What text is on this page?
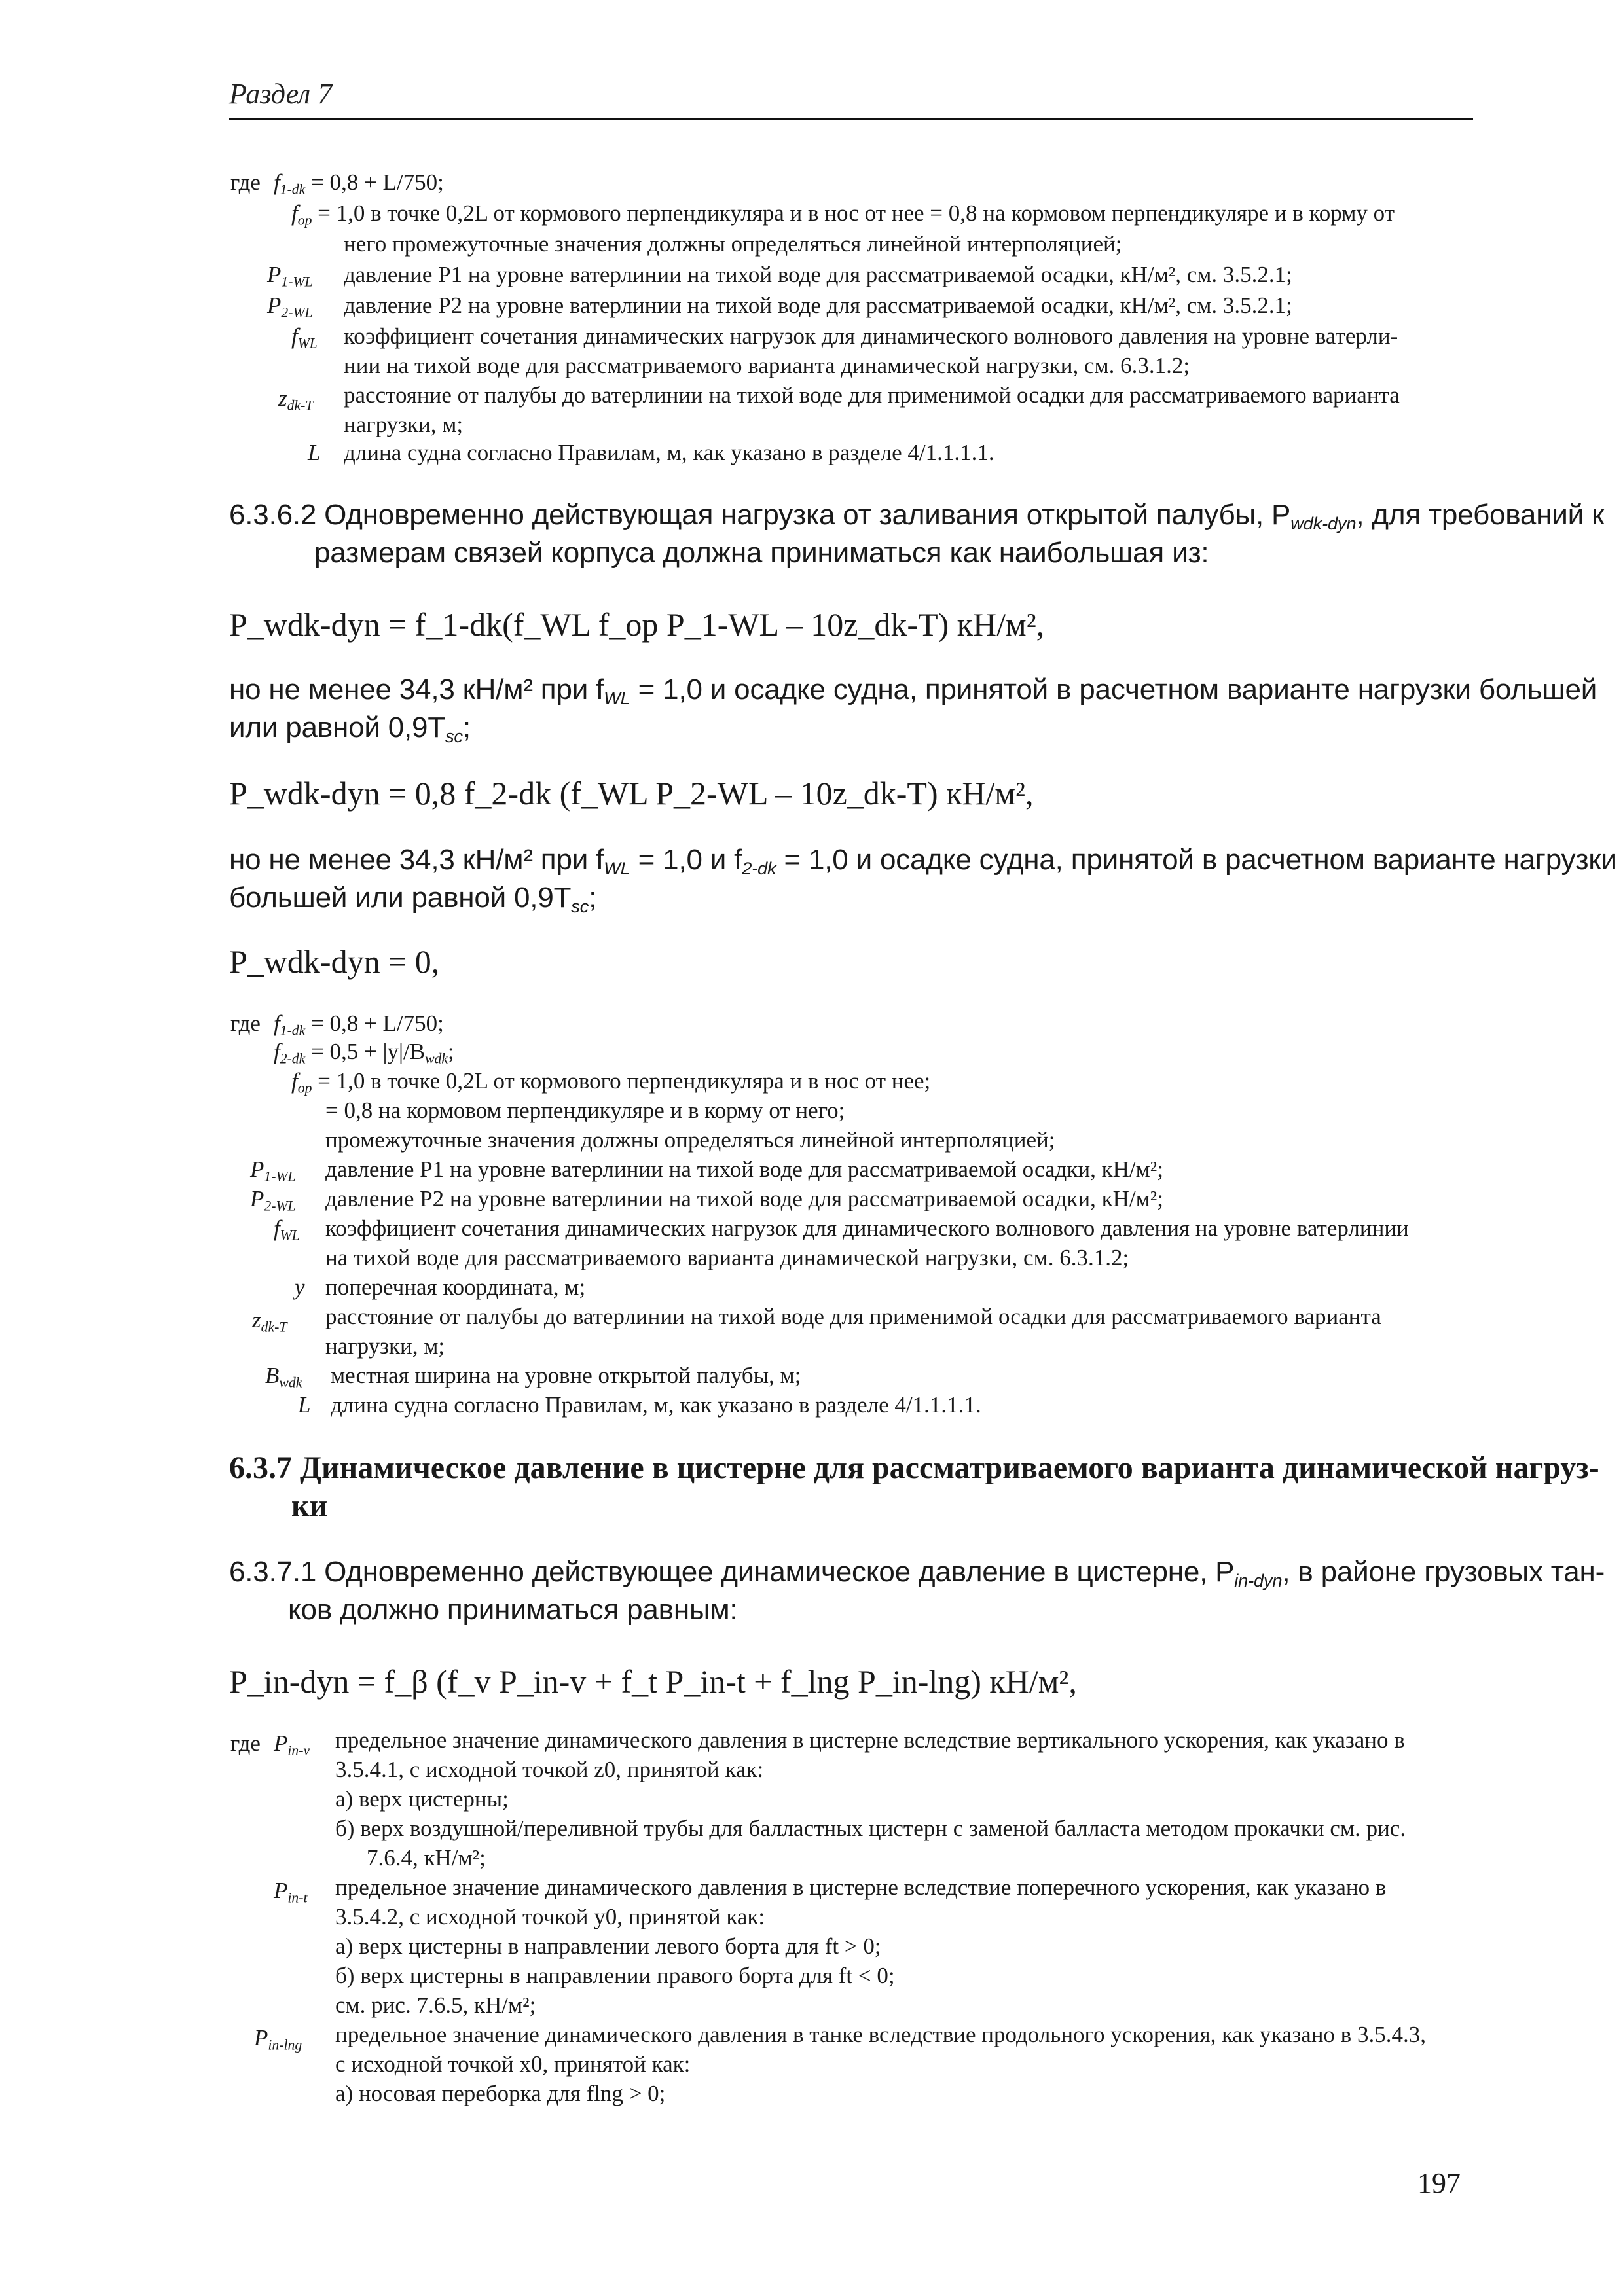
Раздел 7
где $f_{1-dk} = 0,8 + L/750$;
$f_{op} = 1,0$ в точке 0,2L от кормового перпендикуляра и в нос от нее = 0,8 на кормовом перпендикуляре и в корму от
него промежуточные значения должны определяться линейной интерполяцией;
$P_{1-WL}$ давление P1 на уровне ватерлинии на тихой воде для рассматриваемой осадки, кН/м², см. 3.5.2.1;
$P_{2-WL}$ давление P2 на уровне ватерлинии на тихой воде для рассматриваемой осадки, кН/м², см. 3.5.2.1;
$f_{WL}$ коэффициент сочетания динамических нагрузок для динамического волнового давления на уровне ватерли-
нии на тихой воде для рассматриваемого варианта динамической нагрузки, см. 6.3.1.2;
$z_{dk-T}$ расстояние от палубы до ватерлинии на тихой воде для применимой осадки для рассматриваемого варианта
нагрузки, м;
L длина судна согласно Правилам, м, как указано в разделе 4/1.1.1.1.
6.3.6.2 Одновременно действующая нагрузка от заливания открытой палубы, $P_{wdk-dyn}$, для требований к
размерам связей корпуса должна приниматься как наибольшая из:
P_wdk-dyn = f_1-dk(f_WL f_op P_1-WL – 10z_dk-T) кН/м²,
но не менее 34,3 кН/м² при $f_{WL} = 1,0$ и осадке судна, принятой в расчетном варианте нагрузки большей
или равной $0,9T_{sc}$;
P_wdk-dyn = 0,8 f_2-dk (f_WL P_2-WL – 10z_dk-T) кН/м²,
но не менее 34,3 кН/м² при $f_{WL} = 1,0$ и $f_{2-dk} = 1,0$ и осадке судна, принятой в расчетном варианте нагрузки
большей или равной $0,9T_{sc}$;
P_wdk-dyn = 0,
где $f_{1-dk} = 0,8 + L/750$;
$f_{2-dk} = 0,5 + |y|/B_{wdk}$;
$f_{op} = 1,0$ в точке 0,2L от кормового перпендикуляра и в нос от нее;
= 0,8 на кормовом перпендикуляре и в корму от него;
промежуточные значения должны определяться линейной интерполяцией;
$P_{1-WL}$ давление P1 на уровне ватерлинии на тихой воде для рассматриваемой осадки, кН/м²;
$P_{2-WL}$ давление P2 на уровне ватерлинии на тихой воде для рассматриваемой осадки, кН/м²;
$f_{WL}$ коэффициент сочетания динамических нагрузок для динамического волнового давления на уровне ватерлинии
на тихой воде для рассматриваемого варианта динамической нагрузки, см. 6.3.1.2;
y поперечная координата, м;
$z_{dk-T}$ расстояние от палубы до ватерлинии на тихой воде для применимой осадки для рассматриваемого варианта
нагрузки, м;
$B_{wdk}$ местная ширина на уровне открытой палубы, м;
L длина судна согласно Правилам, м, как указано в разделе 4/1.1.1.1.
6.3.7 Динамическое давление в цистерне для рассматриваемого варианта динамической нагруз-
ки
6.3.7.1 Одновременно действующее динамическое давление в цистерне, $P_{in-dyn}$, в районе грузовых тан-
ков должно приниматься равным:
P_in-dyn = f_β (f_v P_in-v + f_t P_in-t + f_lng P_in-lng) кН/м²,
где $P_{in-v}$ предельное значение динамического давления в цистерне вследствие вертикального ускорения, как указано в
3.5.4.1, с исходной точкой z0, принятой как:
а) верх цистерны;
б) верх воздушной/переливной трубы для балластных цистерн с заменой балласта методом прокачки см. рис.
7.6.4, кН/м²;
$P_{in-t}$ предельное значение динамического давления в цистерне вследствие поперечного ускорения, как указано в
3.5.4.2, с исходной точкой y0, принятой как:
а) верх цистерны в направлении левого борта для ft > 0;
б) верх цистерны в направлении правого борта для ft < 0;
см. рис. 7.6.5, кН/м²;
$P_{in-lng}$ предельное значение динамического давления в танке вследствие продольного ускорения, как указано в 3.5.4.3,
с исходной точкой x0, принятой как:
а) носовая переборка для flng > 0;
197
